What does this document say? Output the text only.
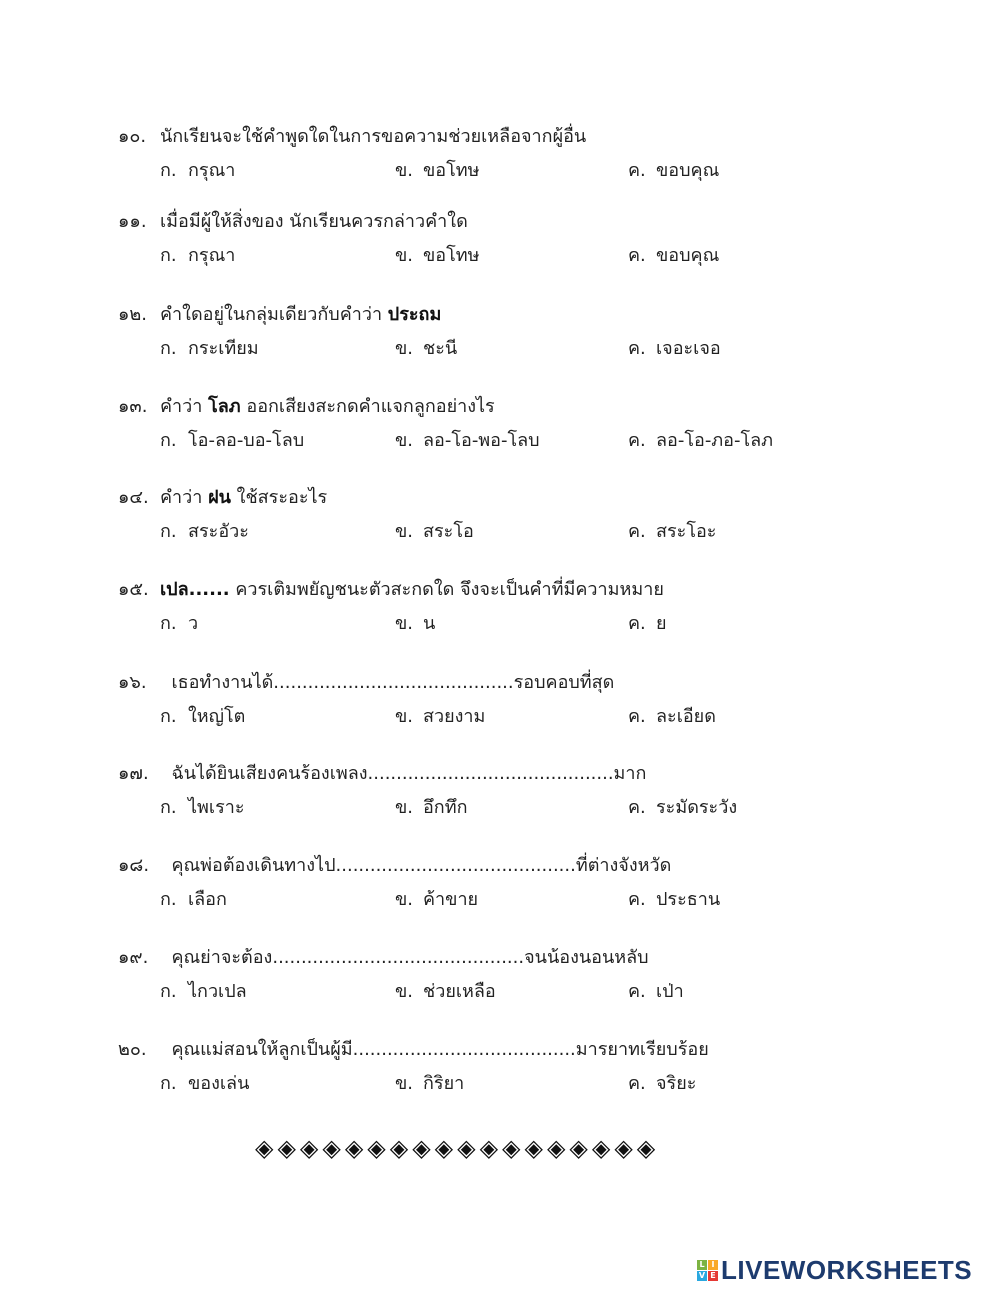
๑๐. นักเรียนจะใช้คำพูดใดในการขอความช่วยเหลือจากผู้อื่น
ก. กรุณา	ข. ขอโทษ	ค. ขอบคุณ
๑๑. เมื่อมีผู้ให้สิ่งของ นักเรียนควรกล่าวคำใด
ก. กรุณา	ข. ขอโทษ	ค. ขอบคุณ
๑๒. คำใดอยู่ในกลุ่มเดียวกับคำว่า ประถม
ก. กระเทียม	ข. ชะนี	ค. เจอะเจอ
๑๓. คำว่า โลภ ออกเสียงสะกดคำแจกลูกอย่างไร
ก. โอ-ลอ-บอ-โลบ	ข. ลอ-โอ-พอ-โลบ	ค. ลอ-โอ-ภอ-โลภ
๑๔. คำว่า ฝน ใช้สระอะไร
ก. สระอัวะ	ข. สระโอ	ค. สระโอะ
๑๕. เปล...... ควรเติมพยัญชนะตัวสะกดใด จึงจะเป็นคำที่มีความหมาย
ก. ว	ข. น	ค. ย
๑๖.  เธอทำงานได้..........................................รอบคอบที่สุด
ก. ใหญ่โต	ข. สวยงาม	ค. ละเอียด
๑๗.  ฉันได้ยินเสียงคนร้องเพลง...........................................มาก
ก. ไพเราะ	ข. อึกทึก	ค. ระมัดระวัง
๑๘.  คุณพ่อต้องเดินทางไป..........................................ที่ต่างจังหวัด
ก. เลือก	ข. ค้าขาย	ค. ประธาน
๑๙.  คุณย่าจะต้อง............................................จนน้องนอนหลับ
ก. ไกวเปล	ข. ช่วยเหลือ	ค. เป่า
๒๐.  คุณแม่สอนให้ลูกเป็นผู้มี.......................................มารยาทเรียบร้อย
ก. ของเล่น	ข. กิริยา	ค. จริยะ
◈◈◈◈◈◈◈◈◈◈◈◈◈◈◈◈◈◈
L I
V E LIVEWORKSHEETS
